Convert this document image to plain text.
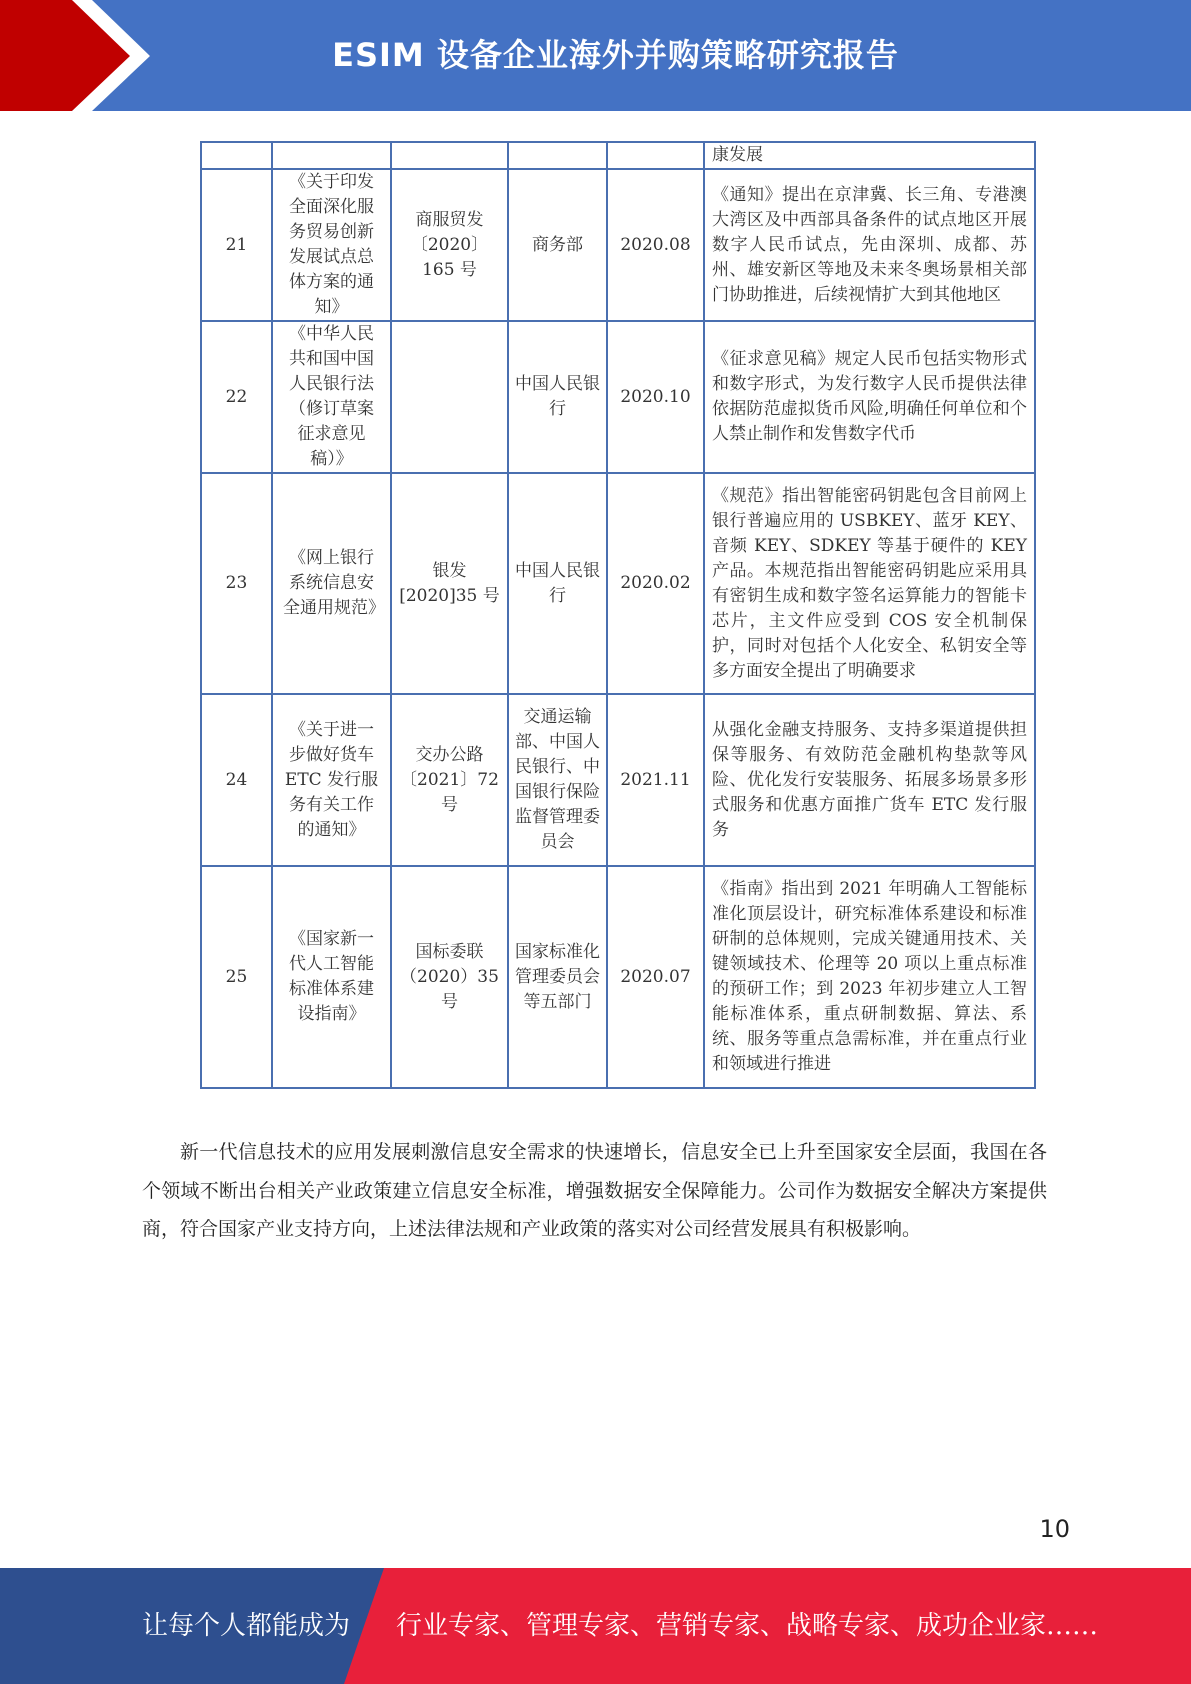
ESIM 设备企业海外并购策略研究报告
					康发展
21	《关于印发全面深化服务贸易创新发展试点总体方案的通知》	商服贸发〔2020〕165 号	商务部	2020.08	《通知》提出在京津冀、长三角、专港澳大湾区及中西部具备条件的试点地区开展数字人民币试点，先由深圳、成都、苏州、雄安新区等地及未来冬奥场景相关部门协助推进，后续视情扩大到其他地区
22	《中华人民共和国中国人民银行法（修订草案征求意见稿）》		中国人民银行	2020.10	《征求意见稿》规定人民币包括实物形式和数字形式，为发行数字人民币提供法律依据防范虚拟货币风险,明确任何单位和个人禁止制作和发售数字代币
23	《网上银行系统信息安全通用规范》	银发[2020]35 号	中国人民银行	2020.02	《规范》指出智能密码钥匙包含目前网上银行普遍应用的 USBKEY、蓝牙 KEY、音频 KEY、SDKEY 等基于硬件的 KEY 产品。本规范指出智能密码钥匙应采用具有密钥生成和数字签名运算能力的智能卡芯片，主文件应受到 COS 安全机制保护，同时对包括个人化安全、私钥安全等多方面安全提出了明确要求
24	《关于进一步做好货车 ETC 发行服务有关工作的通知》	交办公路〔2021〕72 号	交通运输部、中国人民银行、中国银行保险监督管理委员会	2021.11	从强化金融支持服务、支持多渠道提供担保等服务、有效防范金融机构垫款等风险、优化发行安装服务、拓展多场景多形式服务和优惠方面推广货车 ETC 发行服务
25	《国家新一代人工智能标准体系建设指南》	国标委联（2020）35 号	国家标准化管理委员会等五部门	2020.07	《指南》指出到 2021 年明确人工智能标准化顶层设计，研究标准体系建设和标准研制的总体规则，完成关键通用技术、关键领域技术、伦理等 20 项以上重点标准的预研工作；到 2023 年初步建立人工智能标准体系，重点研制数据、算法、系统、服务等重点急需标准，并在重点行业和领域进行推进

新一代信息技术的应用发展刺激信息安全需求的快速增长，信息安全已上升至国家安全层面，我国在各个领域不断出台相关产业政策建立信息安全标准，增强数据安全保障能力。公司作为数据安全解决方案提供商，符合国家产业支持方向，上述法律法规和产业政策的落实对公司经营发展具有积极影响。

10
让每个人都能成为 行业专家、管理专家、营销专家、战略专家、成功企业家……
